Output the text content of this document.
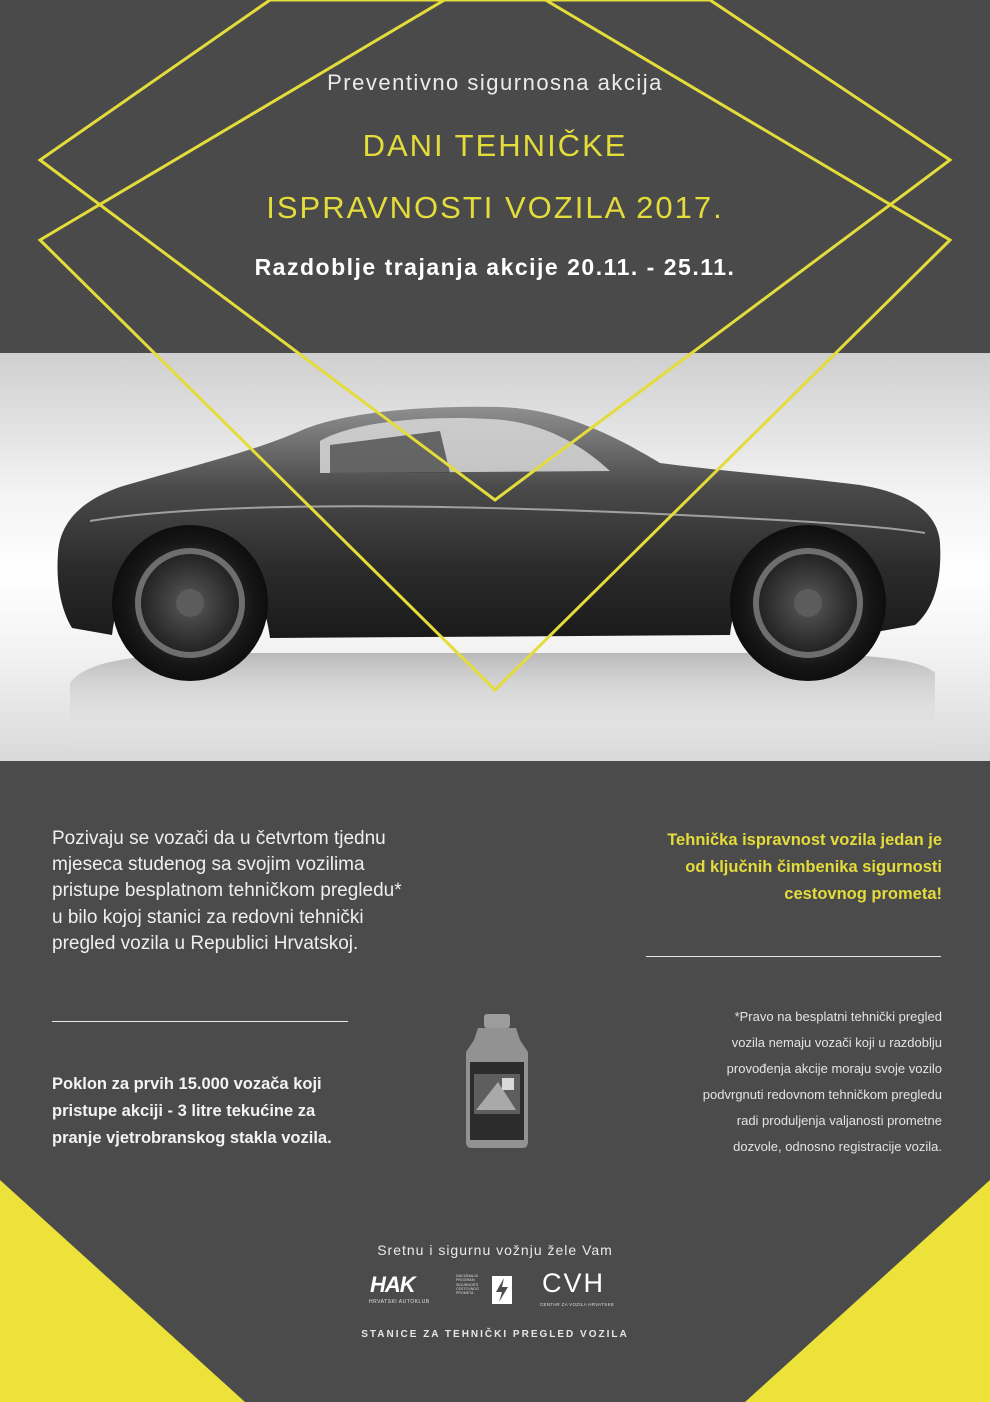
Preventivno sigurnosna akcija
DANI TEHNIČKE
ISPRAVNOSTI VOZILA 2017.
Razdoblje trajanja akcije 20.11. - 25.11.

Pozivaju se vozači da u četvrtom tjednu
mjeseca studenog sa svojim vozilima
pristupe besplatnom tehničkom pregledu*
u bilo kojoj stanici za redovni tehnički
pregled vozila u Republici Hrvatskoj.

Poklon za prvih 15.000 vozača koji
pristupe akciji - 3 litre tekućine za
pranje vjetrobranskog stakla vozila.

Tehnička ispravnost vozila jedan je
od ključnih čimbenika sigurnosti
cestovnog prometa!

*Pravo na besplatni tehnički pregled
vozila nemaju vozači koji u razdoblju
provođenja akcije moraju svoje vozilo
podvrgnuti redovnom tehničkom pregledu
radi produljenja valjanosti prometne
dozvole, odnosno registracije vozila.

Sretnu i sigurnu vožnju žele Vam
HAK
HRVATSKI AUTOKLUB
NACIONALNI
PROGRAM
SIGURNOSTI
CESTOVNOG
PROMETA	CVH
CENTAR ZA VOZILA HRVATSKE
STANICE ZA TEHNIČKI PREGLED VOZILA
